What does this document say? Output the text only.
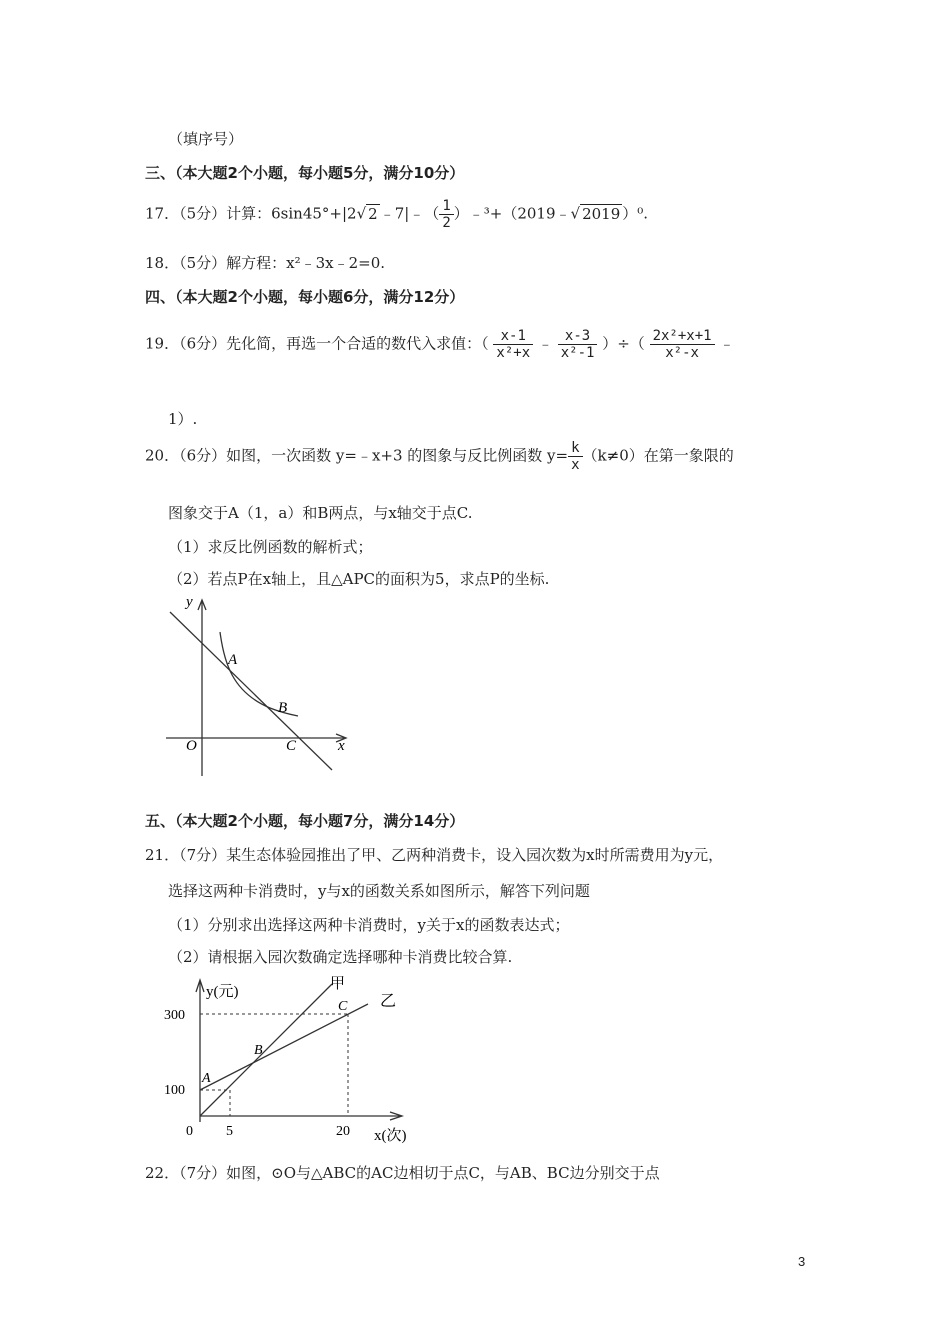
（填序号）
三、（本大题2个小题，每小题5分，满分10分）
17．（5分）计算：6sin45°+|2√ 2 ﹣7|﹣（ $\frac{1}{2}$ ）﹣³+（2019﹣√ 2019 ）⁰.
18．（5分）解方程：x²﹣3x﹣2=0.
四、（本大题2个小题，每小题6分，满分12分）
19．（6分）先化简，再选一个合适的数代入求值：（ $\frac{x-1}{\text{x²+x}}$ ﹣ $\frac{x-3}{\text{x²-1}}$ ）÷（ $\frac{\text{2x²+x+1}}{\text{x²-x}}$ ﹣
1）.
20．（6分）如图，一次函数 y=﹣x+3 的图象与反比例函数 $y= \frac{k}{x} (k\ne 0)$在第一象限的
图象交于A（1，a）和B两点，与x轴交于点C.
（1）求反比例函数的解析式；
（2）若点P在x轴上，且△APC的面积为5，求点P的坐标.
y
x
O
A
B
C
五、（本大题2个小题，每小题7分，满分14分）
21．（7分）某生态体验园推出了甲、乙两种消费卡，设入园次数为x时所需费用为y元，
选择这两种卡消费时，y与x的函数关系如图所示，解答下列问题
（1）分别求出选择这两种卡消费时，y关于x的函数表达式；
（2）请根据入园次数确定选择哪种卡消费比较合算.
y(元)
x(次)
甲
乙
300
100
0 5	20
A
B
C
22．（7分）如图，⊙O与△ABC的AC边相切于点C，与AB、BC边分别交于点
3
